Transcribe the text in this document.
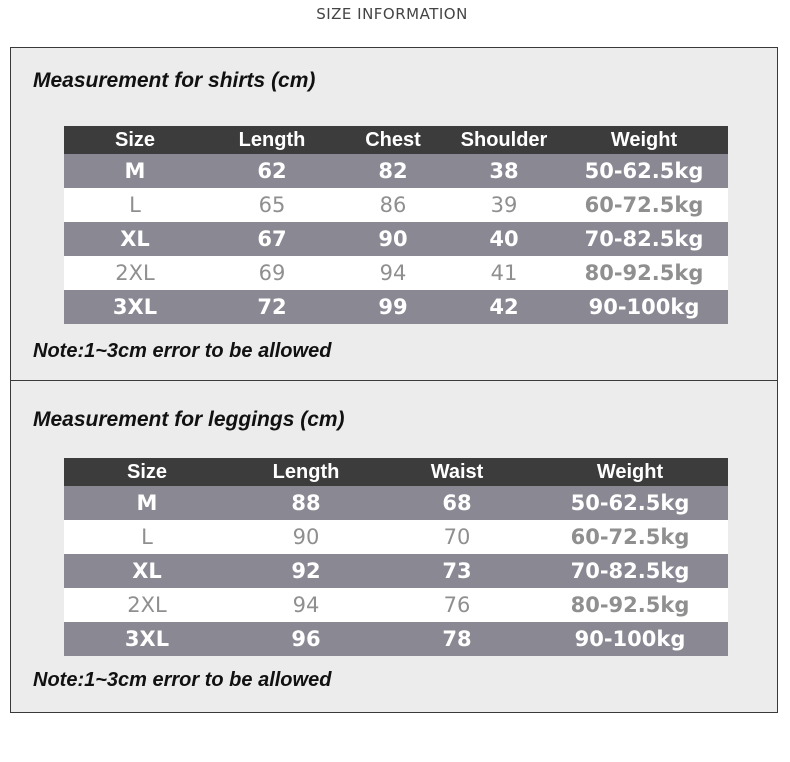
SIZE INFORMATION
Measurement for shirts (cm)
Size	Length	Chest	Shoulder	Weight
M	62	82	38	50-62.5kg
L	65	86	39	60-72.5kg
XL	67	90	40	70-82.5kg
2XL	69	94	41	80-92.5kg
3XL	72	99	42	90-100kg
Note:1~3cm error to be allowed
Measurement for leggings (cm)
Size	Length	Waist	Weight
M	88	68	50-62.5kg
L	90	70	60-72.5kg
XL	92	73	70-82.5kg
2XL	94	76	80-92.5kg
3XL	96	78	90-100kg
Note:1~3cm error to be allowed
